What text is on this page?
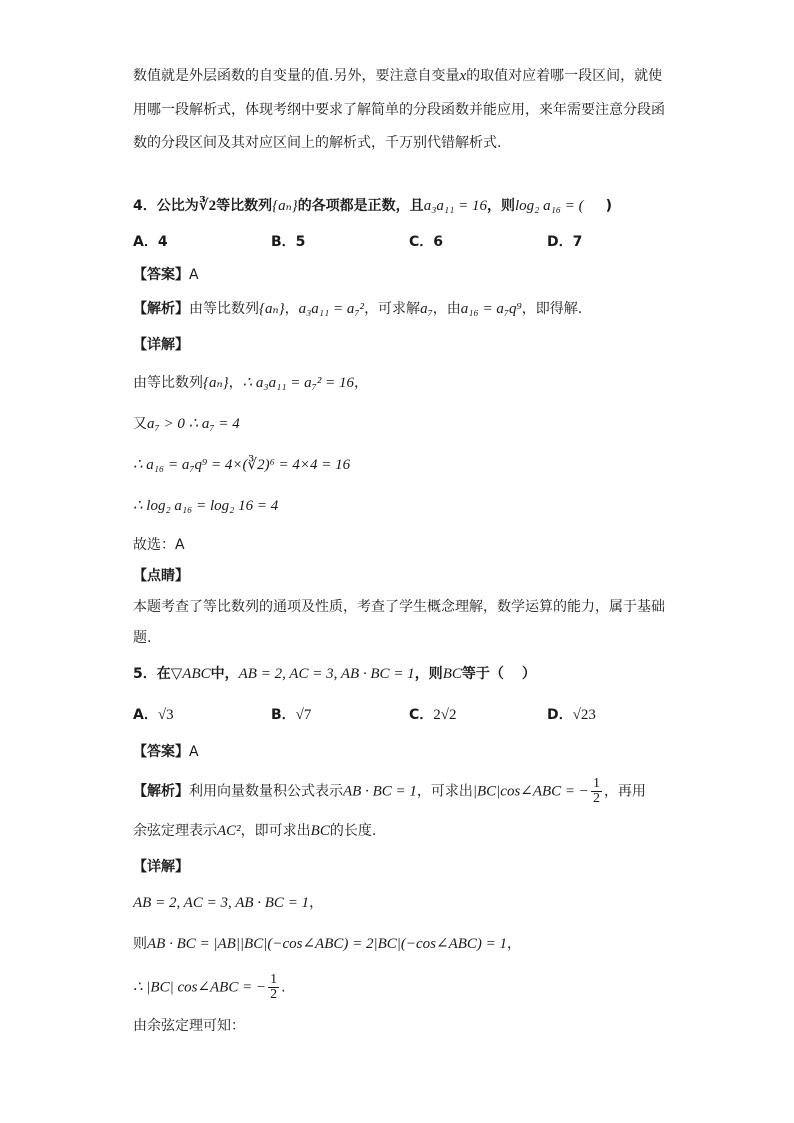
数值就是外层函数的自变量的值.另外，要注意自变量x的取值对应着哪一段区间，就使
用哪一段解析式，体现考纲中要求了解简单的分段函数并能应用，来年需要注意分段函
数的分段区间及其对应区间上的解析式，千万别代错解析式.
4．公比为∛2等比数列{aₙ}的各项都是正数，且a₃a₁₁ = 16，则log₂ a₁₆ = ( )
A．4	B．5	C．6	D．7
【答案】A
【解析】由等比数列{aₙ}，a₃a₁₁ = a₇²，可求解a₇，由a₁₆ = a₇q⁹，即得解.
【详解】
由等比数列{aₙ}，∴ a₃a₁₁ = a₇² = 16，
又a₇ > 0 ∴ a₇ = 4
∴ a₁₆ = a₇q⁹ = 4×(∛2)⁶ = 4×4 = 16
∴ log₂ a₁₆ = log₂ 16 = 4
故选：A
【点睛】
本题考查了等比数列的通项及性质，考查了学生概念理解，数学运算的能力，属于基础
题.
5．在▽ABC中，AB = 2, AC = 3, AB · BC = 1，则BC等于（ ）
A．√3	B．√7	C．2√2	D．√23
【答案】A
【解析】利用向量数量积公式表示AB · BC = 1，可求出|BC|cos∠ABC = − $\frac{1}{2}$ ，再用
余弦定理表示AC²，即可求出BC的长度.
【详解】
AB = 2, AC = 3, AB · BC = 1，
则AB · BC = |AB||BC|(−cos∠ABC) = 2|BC|(−cos∠ABC) = 1，
∴ |BC| cos∠ABC = − $\frac{1}{2}$ .
由余弦定理可知：
